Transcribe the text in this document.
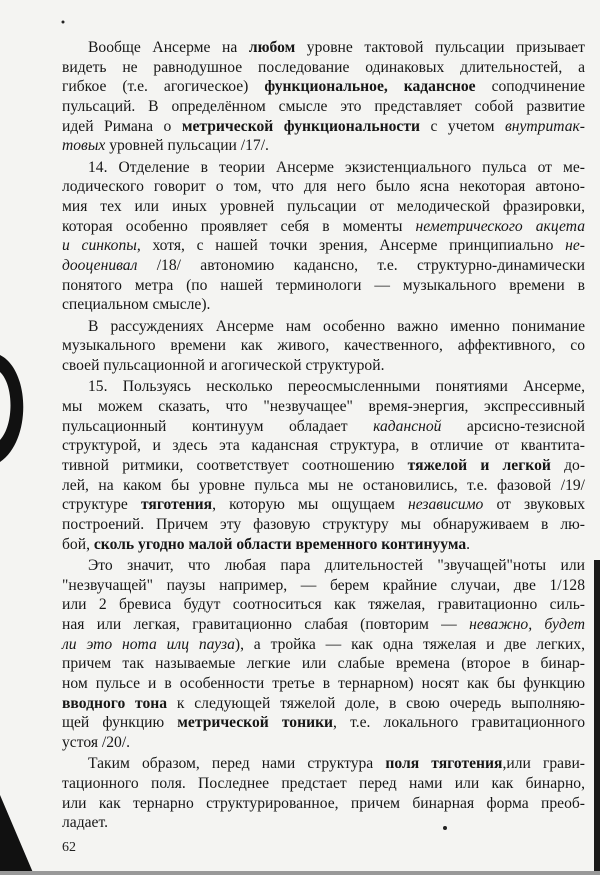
Вообще Ансерме на любом уровне тактовой пульсации призывает
видеть не равнодушное последование одинаковых длительностей, а
гибкое (т.е. агогическое) функциональное, кадансное соподчинение
пульсаций. В определённом смысле это представляет собой развитие
идей Римана о метрической функциональности с учетом внутритак-
товых уровней пульсации /17/.
14. Отделение в теории Ансерме экзистенциального пульса от ме-
лодического говорит о том, что для него было ясна некоторая автоно-
мия тех или иных уровней пульсации от мелодической фразировки,
которая особенно проявляет себя в моменты неметрического акцета
и синкопы, хотя, с нашей точки зрения, Ансерме принципиально не-
дооценивал /18/ автономию кадансно, т.е. структурно-динамически
понятого метра (по нашей терминологи — музыкального времени в
специальном смысле).
В рассуждениях Ансерме нам особенно важно именно понимание
музыкального времени как живого, качественного, аффективного, со
своей пульсационной и агогической структурой.
15. Пользуясь несколько переосмысленными понятиями Ансерме,
мы можем сказать, что "незвучащее" время-энергия, экспрессивный
пульсационный континуум обладает кадансной арсисно-тезисной
структурой, и здесь эта кадансная структура, в отличие от квантита-
тивной ритмики, соответствует соотношению тяжелой и легкой до-
лей, на каком бы уровне пульса мы не остановились, т.е. фазовой /19/
структуре тяготения, которую мы ощущаем независимо от звуковых
построений. Причем эту фазовую структуру мы обнаруживаем в лю-
бой, сколь угодно малой области временного континуума.
Это значит, что любая пара длительностей "звучащей"ноты или
"незвучащей" паузы например, — берем крайние случаи, две 1/128
или 2 бревиса будут соотноситься как тяжелая, гравитационно силь-
ная или легкая, гравитационно слабая (повторим — неважно, будет
ли это нота илц пауза), а тройка — как одна тяжелая и две легких,
причем так называемые легкие или слабые времена (второе в бинар-
ном пульсе и в особенности третье в тернарном) носят как бы функцию
вводного тона к следующей тяжелой доле, в свою очередь выполняю-
щей функцию метрической тоники, т.е. локального гравитационного
устоя /20/.
Таким образом, перед нами структура поля тяготения,или грави-
тационного поля. Последнее предстает перед нами или как бинарно,
или как тернарно структурированное, причем бинарная форма преоб-
ладает.
62
